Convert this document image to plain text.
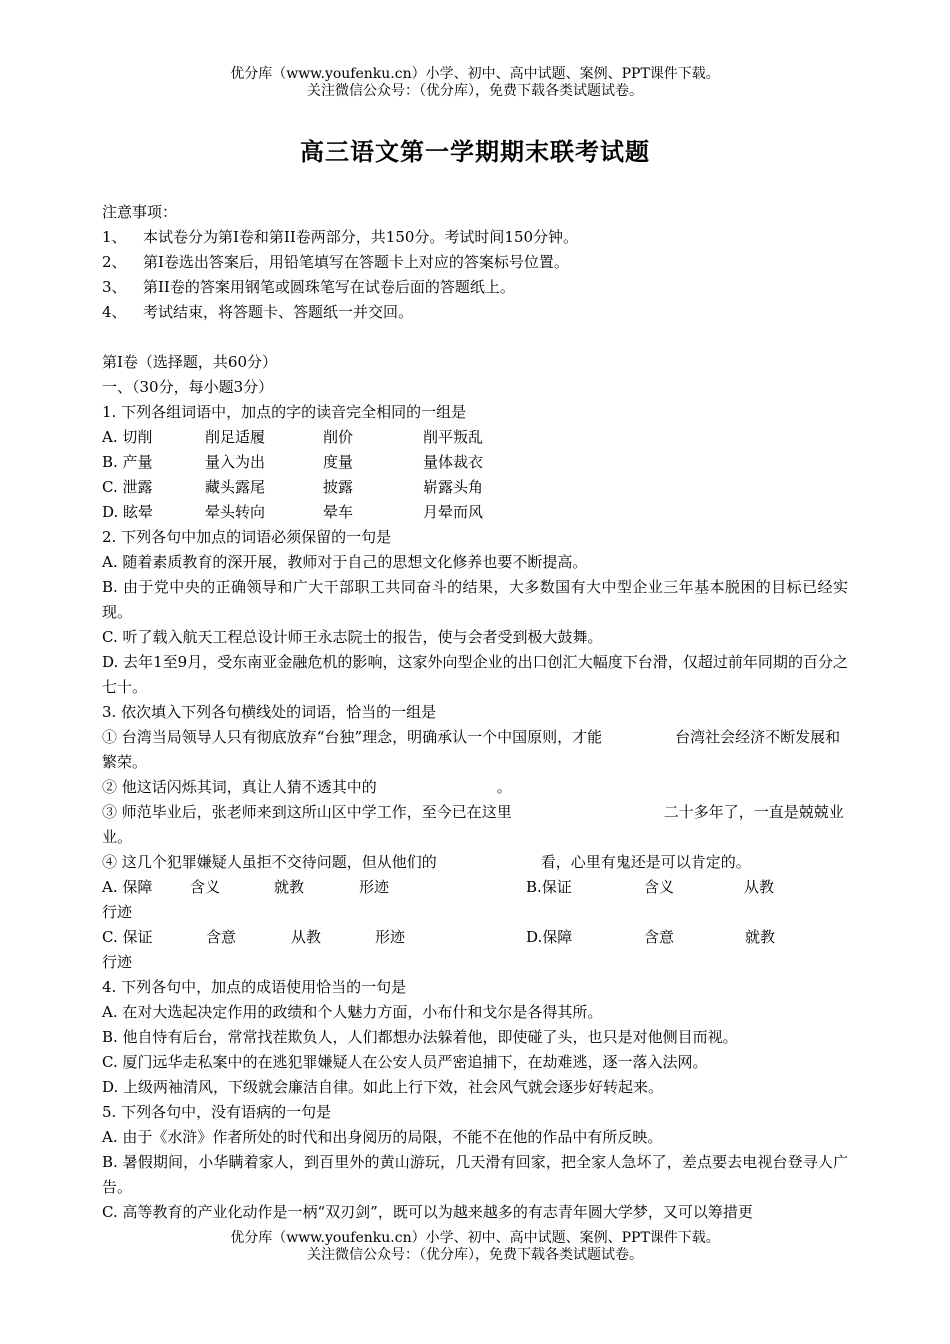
优分库（www.youfenku.cn）小学、初中、高中试题、案例、PPT课件下载。
关注微信公众号：（优分库），免费下载各类试题试卷。
高三语文第一学期期末联考试题
注意事项：
1、 本试卷分为第I卷和第II卷两部分，共150分。考试时间150分钟。
2、 第I卷选出答案后，用铅笔填写在答题卡上对应的答案标号位置。
3、 第II卷的答案用钢笔或圆珠笔写在试卷后面的答题纸上。
4、 考试结束，将答题卡、答题纸一并交回。
第I卷（选择题，共60分）
一、（30分，每小题3分）
1. 下列各组词语中，加点的字的读音完全相同的一组是
A. 切削	削足适履	削价	削平叛乱
B. 产量	量入为出	度量	量体裁衣
C. 泄露	藏头露尾	披露	崭露头角
D. 眩晕	晕头转向	晕车	月晕而风
2. 下列各句中加点的词语必须保留的一句是
A. 随着素质教育的深开展，教师对于自己的思想文化修养也要不断提高。
B. 由于党中央的正确领导和广大干部职工共同奋斗的结果，大多数国有大中型企业三年基本脱困的目标已经实现。
C. 听了载入航天工程总设计师王永志院士的报告，使与会者受到极大鼓舞。
D. 去年1至9月，受东南亚金融危机的影响，这家外向型企业的出口创汇大幅度下台滑，仅超过前年同期的百分之七十。
3. 依次填入下列各句横线处的词语，恰当的一组是
① 台湾当局领导人只有彻底放弃“台独”理念，明确承认一个中国原则，才能	台湾社会经济不断发展和繁荣。
② 他这话闪烁其词，真让人猜不透其中的	。
③ 师范毕业后，张老师来到这所山区中学工作，至今已在这里	二十多年了，一直是兢兢业业。
④ 这几个犯罪嫌疑人虽拒不交待问题，但从他们的	看，心里有鬼还是可以肯定的。
A. 保障	含义	就教	形迹	B.保证	含义	从教
行迹
C. 保证	含意	从教	形迹	D.保障	含意	就教
行迹
4. 下列各句中，加点的成语使用恰当的一句是
A. 在对大选起决定作用的政绩和个人魅力方面，小布什和戈尔是各得其所。
B. 他自恃有后台，常常找茬欺负人，人们都想办法躲着他，即使碰了头，也只是对他侧目而视。
C. 厦门远华走私案中的在逃犯罪嫌疑人在公安人员严密追捕下，在劫难逃，逐一落入法网。
D. 上级两袖清风，下级就会廉洁自律。如此上行下效，社会风气就会逐步好转起来。
5. 下列各句中，没有语病的一句是
A. 由于《水浒》作者所处的时代和出身阅历的局限，不能不在他的作品中有所反映。
B. 暑假期间，小华瞒着家人，到百里外的黄山游玩，几天滑有回家，把全家人急坏了，差点要去电视台登寻人广告。
C. 高等教育的产业化动作是一柄“双刃剑”，既可以为越来越多的有志青年圆大学梦，又可以筹措更
优分库（www.youfenku.cn）小学、初中、高中试题、案例、PPT课件下载。
关注微信公众号：（优分库），免费下载各类试题试卷。
